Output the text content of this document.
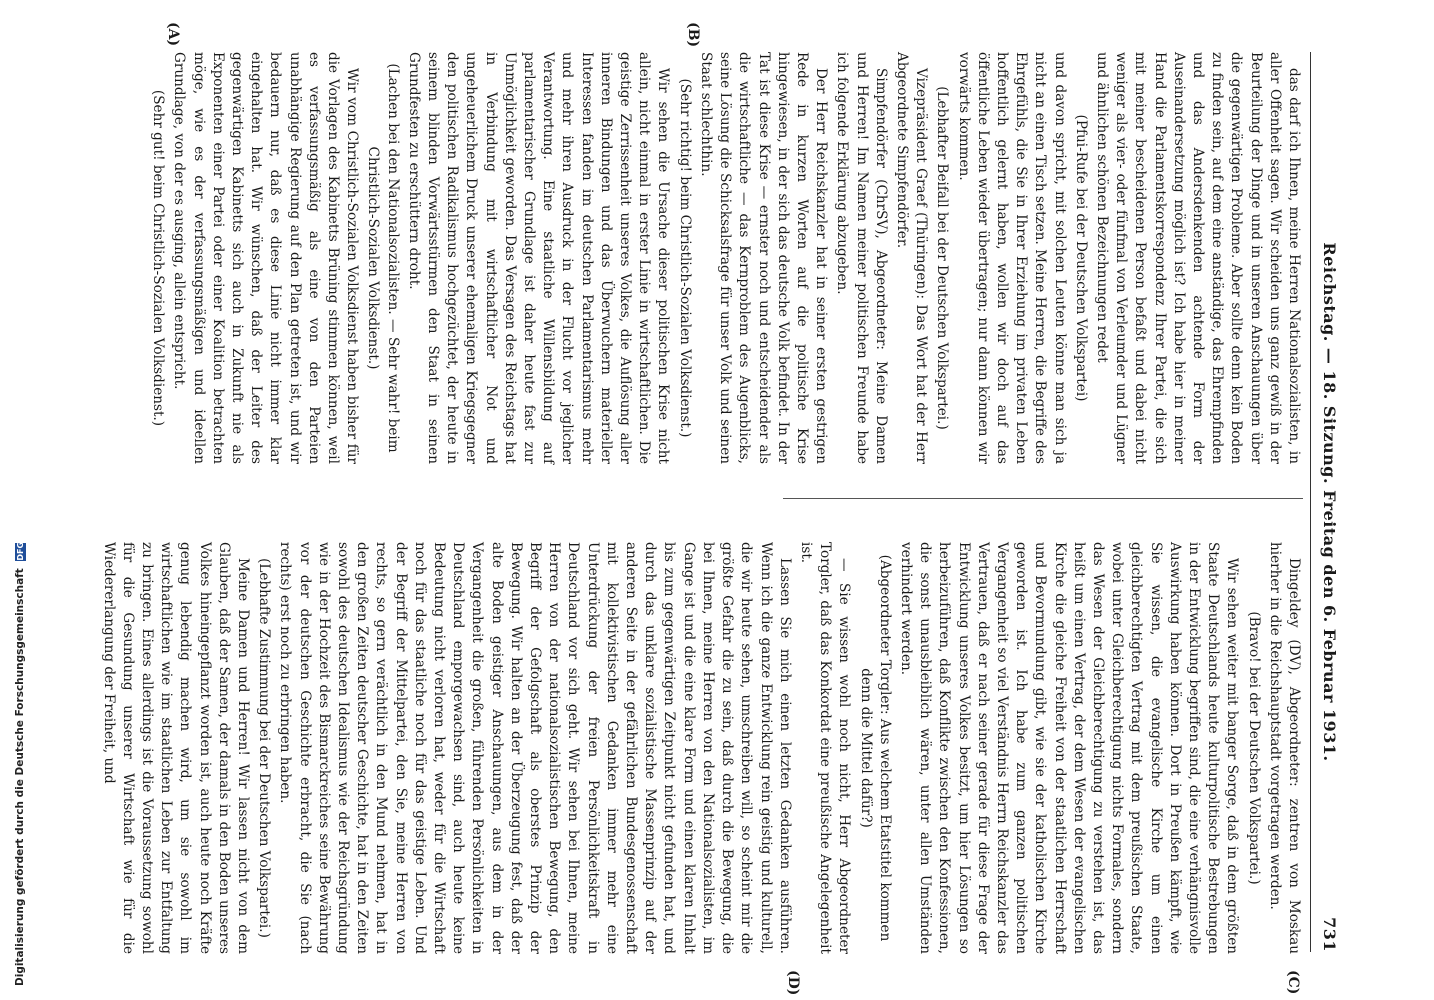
Reichstag. — 18. Sitzung. Freitag den 6. Februar 1931.
731
(C)
(D)
(A)	(B)

das darf ich Ihnen, meine Herren Nationalsozialisten, in aller Offenheit sagen. Wir scheiden uns ganz gewiß in der Beurteilung der Dinge und in unseren Anschauungen über die gegenwärtigen Probleme. Aber sollte denn kein Boden zu finden sein, auf dem eine anständige, das Ehrempfinden und das Andersdenkenden achtende Form der Auseinandersetzung möglich ist? Ich habe hier in meiner Hand die Parlamentskorrespondenz Ihrer Partei, die sich mit meiner bescheidenen Person befaßt und dabei nicht weniger als vier- oder fünfmal von Verleumder und Lügner und ähnlichen schönen Bezeichnungen redet

(Pfui-Rufe bei der Deutschen Volkspartei)

und davon spricht, mit solchen Leuten könne man sich ja nicht an einen Tisch setzen. Meine Herren, die Begriffe des Ehrgefühls, die Sie in Ihrer Erziehung im privaten Leben hoffentlich gelernt haben, wollen wir doch auf das öffentliche Leben wieder übertragen; nur dann können wir vorwärts kommen.

(Lebhafter Beifall bei der Deutschen Volkspartei.)

Vizepräsident Graef (Thüringen): Das Wort hat der Herr Abgeordnete Simpfendörfer.

Simpfendörfer (ChrSV), Abgeordneter: Meine Damen und Herren! Im Namen meiner politischen Freunde habe ich folgende Erklärung abzugeben.

Der Herr Reichskanzler hat in seiner ersten gestrigen Rede in kurzen Worten auf die politische Krise hingewiesen, in der sich das deutsche Volk befindet. In der Tat ist diese Krise — ernster noch und entscheidender als die wirtschaftliche — das Kernproblem des Augenblicks, seine Lösung die Schicksalsfrage für unser Volk und seinen Staat schlechthin.

(Sehr richtig! beim Christlich-Sozialen Volksdienst.)

Wir sehen die Ursache dieser politischen Krise nicht allein, nicht einmal in erster Linie in wirtschaftlichen. Die geistige Zerrissenheit unseres Volkes, die Auflösung aller inneren Bindungen und das Überwuchern materieller Interessen fanden im deutschen Parlamentarismus mehr und mehr ihren Ausdruck in der Flucht vor jeglicher Verantwortung. Eine staatliche Willensbildung auf parlamentarischer Grundlage ist daher heute fast zur Unmöglichkeit geworden. Das Versagen des Reichstags hat in Verbindung mit wirtschaftlicher Not und ungeheuerlichem Druck unserer ehemaligen Kriegsgegner den politischen Radikalismus hochgezüchtet, der heute in seinem blinden Vorwärtsstürmen den Staat in seinen Grundfesten zu erschüttern droht.

(Lachen bei den Nationalsozialisten. — Sehr wahr! beim Christlich-Sozialen Volksdienst.)

Wir vom Christlich-Sozialen Volksdienst haben bisher für die Vorlagen des Kabinetts Brüning stimmen können, weil es verfassungsmäßig als eine von den Parteien unabhängige Regierung auf den Plan getreten ist, und wir bedauern nur, daß es diese Linie nicht immer klar eingehalten hat. Wir wünschen, daß der Leiter des gegenwärtigen Kabinetts sich auch in Zukunft nie als Exponenten einer Partei oder einer Koalition betrachten möge, wie es der verfassungsmäßigen und ideellen Grundlage, von der es ausging, allein entspricht.

(Sehr gut! beim Christlich-Sozialen Volksdienst.)

Dingeldey (DV), Abgeordneter: zentren von Moskau hierher in die Reichshauptstadt vorgetragen werden.

(Bravo! bei der Deutschen Volkspartei.)

Wir sehen weiter mit banger Sorge, daß in dem größten Staate Deutschlands heute kulturpolitische Bestrebungen in der Entwicklung begriffen sind, die eine verhängnisvolle Auswirkung haben können. Dort in Preußen kämpft, wie Sie wissen, die evangelische Kirche um einen gleichberechtigten Vertrag mit dem preußischen Staate, wobei unter Gleichberechtigung nichts Formales, sondern das Wesen der Gleichberechtigung zu verstehen ist, das heißt um einen Vertrag, der dem Wesen der evangelischen Kirche die gleiche Freiheit von der staatlichen Herrschaft und Bevormundung gibt, wie sie der katholischen Kirche geworden ist. Ich habe zum ganzen politischen Vergangenheit so viel Verständnis Herrn Reichskanzler das Vertrauen, daß er nach seiner gerade für diese Frage der Entwicklung unseres Volkes besitzt, um hier Lösungen so herbeizuführen, daß Konflikte zwischen den Konfessionen, die sonst unausbleiblich wären, unter allen Umständen verhindert werden.

(Abgeordneter Torgler: Aus welchem Etatstitel kommen denn die Mittel dafür?)

— Sie wissen wohl noch nicht, Herr Abgeordneter Torgler, daß das Konkordat eine preußische Angelegenheit ist.

Lassen Sie mich einen letzten Gedanken ausführen. Wenn ich die ganze Entwicklung rein geistig und kulturell, die wir heute sehen, umschreiben will, so scheint mir die größte Gefahr die zu sein, daß durch die Bewegung, die bei Ihnen, meine Herren von den Nationalsozialisten, im Gange ist und die eine klare Form und einen klaren Inhalt bis zum gegenwärtigen Zeitpunkt nicht gefunden hat, und durch das unklare sozialistische Massenprinzip auf der anderen Seite in der gefährlichen Bundesgenossenschaft mit kollektivistischen Gedanken immer mehr eine Unterdrückung der freien Persönlichkeitskraft in Deutschland vor sich geht. Wir sehen bei Ihnen, meine Herren von der nationalsozialistischen Bewegung, den Begriff der Gefolgschaft als oberstes Prinzip der Bewegung. Wir halten an der Überzeugung fest, daß der alte Boden geistiger Anschauungen, aus dem in der Vergangenheit die großen, führenden Persönlichkeiten in Deutschland emporgewachsen sind, auch heute keine Bedeutung nicht verloren hat, weder für die Wirtschaft noch für das staatliche noch für das geistige Leben. Und der Begriff der Mittelpartei, den Sie, meine Herren von rechts, so gern verächtlich in den Mund nehmen, hat in den großen Zeiten deutscher Geschichte, hat in den Zeiten sowohl des deutschen Idealismus wie der Reichsgründung wie in der Hochzeit des Bismarckreiches seine Bewährung vor der deutschen Geschichte erbracht, die Sie (nach rechts) erst noch zu erbringen haben.

(Lebhafte Zustimmung bei der Deutschen Volkspartei.)

Meine Damen und Herren! Wir lassen nicht von dem Glauben, daß der Samen, der damals in den Boden unseres Volkes hineingepflanzt worden ist, auch heute noch Kräfte genug lebendig machen wird, um sie sowohl im wirtschaftlichen wie im staatlichen Leben zur Entfaltung zu bringen. Eines allerdings ist die Voraussetzung sowohl für die Gesundung unserer Wirtschaft wie für die Wiedererlangung der Freiheit, und

Digitalisierung gefördert durch die Deutsche Forschungsgemeinschaft DFG
